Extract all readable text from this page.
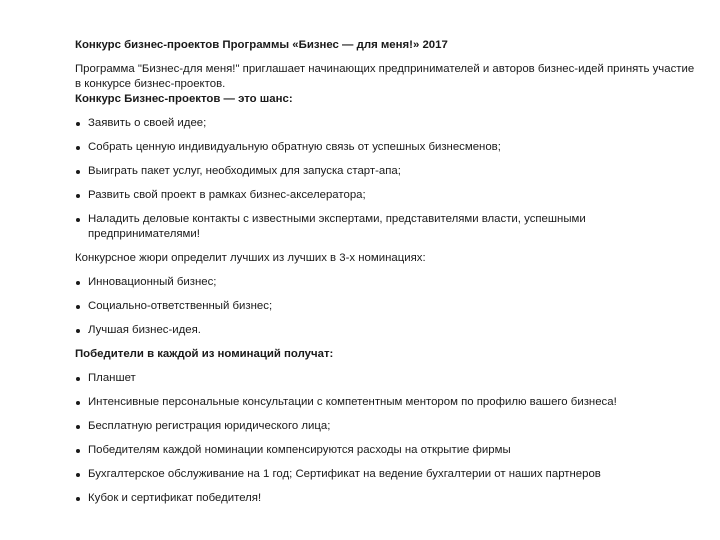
Конкурс бизнес-проектов Программы «Бизнес — для меня!» 2017

Программа "Бизнес-для меня!" приглашает начинающих предпринимателей и авторов бизнес-идей принять участие в конкурсе бизнес-проектов.

Конкурс Бизнес-проектов — это шанс:

Заявить о своей идее;
Собрать ценную индивидуальную обратную связь от успешных бизнесменов;
Выиграть пакет услуг, необходимых для запуска старт-апа;
Развить свой проект в рамках бизнес-акселератора;
Наладить деловые контакты с известными экспертами, представителями власти, успешными предпринимателями!

Конкурсное жюри определит лучших из лучших в 3-х номинациях:

Инновационный бизнес;
Социально-ответственный бизнес;
Лучшая бизнес-идея.

Победители в каждой из номинаций получат:

Планшет
Интенсивные персональные консультации с компетентным ментором по профилю вашего бизнеса!
Бесплатную регистрация юридического лица;
Победителям каждой номинации компенсируются расходы на открытие фирмы
Бухгалтерское обслуживание на 1 год; Сертификат на ведение бухгалтерии от наших партнеров
Кубок и сертификат победителя!
